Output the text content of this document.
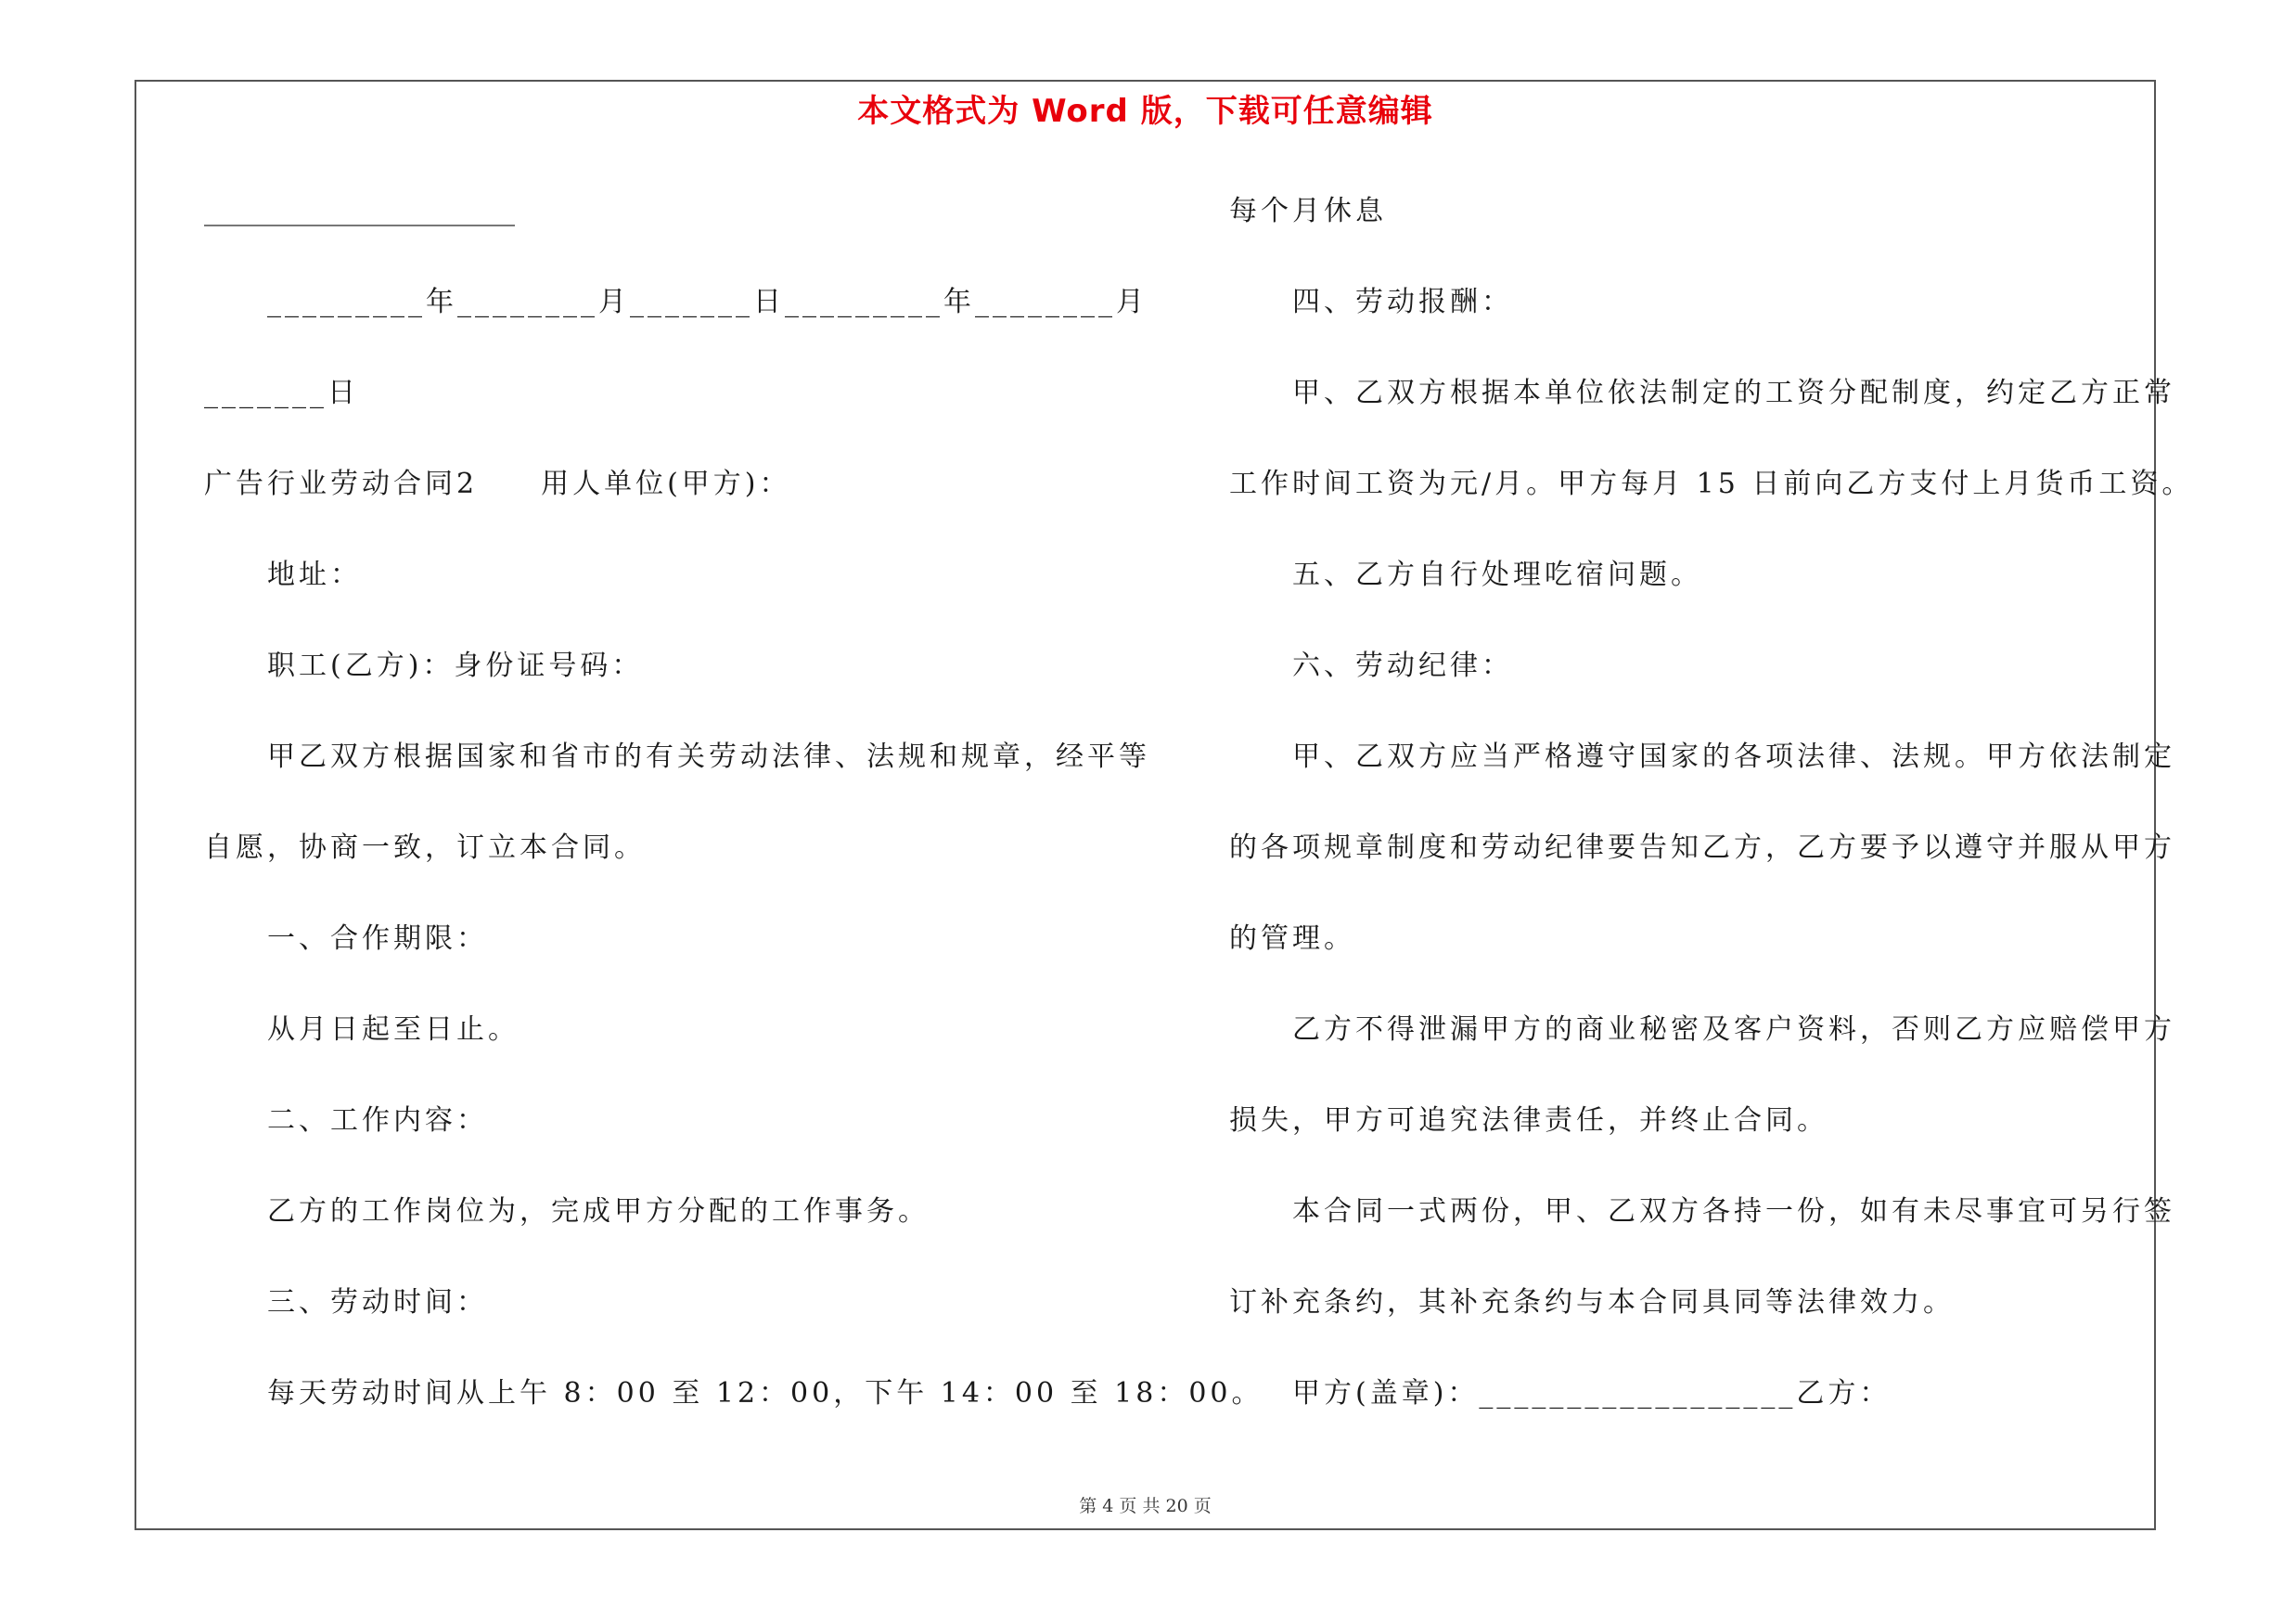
本文格式为 Word 版，下载可任意编辑
_________年________月_______日_________年________月
_______日
广告行业劳动合同2　　用人单位(甲方)：
地址：
职工(乙方)：身份证号码：
甲乙双方根据国家和省市的有关劳动法律、法规和规章，经平等
自愿，协商一致，订立本合同。
一、合作期限：
从月日起至日止。
二、工作内容：
乙方的工作岗位为，完成甲方分配的工作事务。
三、劳动时间：
每天劳动时间从上午 8：00 至 12：00，下午 14：00 至 18：00。
每个月休息
四、劳动报酬：
甲、乙双方根据本单位依法制定的工资分配制度，约定乙方正常
工作时间工资为元/月。甲方每月 15 日前向乙方支付上月货币工资。
五、乙方自行处理吃宿问题。
六、劳动纪律：
甲、乙双方应当严格遵守国家的各项法律、法规。甲方依法制定
的各项规章制度和劳动纪律要告知乙方，乙方要予以遵守并服从甲方
的管理。
乙方不得泄漏甲方的商业秘密及客户资料，否则乙方应赔偿甲方
损失，甲方可追究法律责任，并终止合同。
本合同一式两份，甲、乙双方各持一份，如有未尽事宜可另行签
订补充条约，其补充条约与本合同具同等法律效力。
甲方(盖章)：__________________乙方：
第 4 页 共 20 页
